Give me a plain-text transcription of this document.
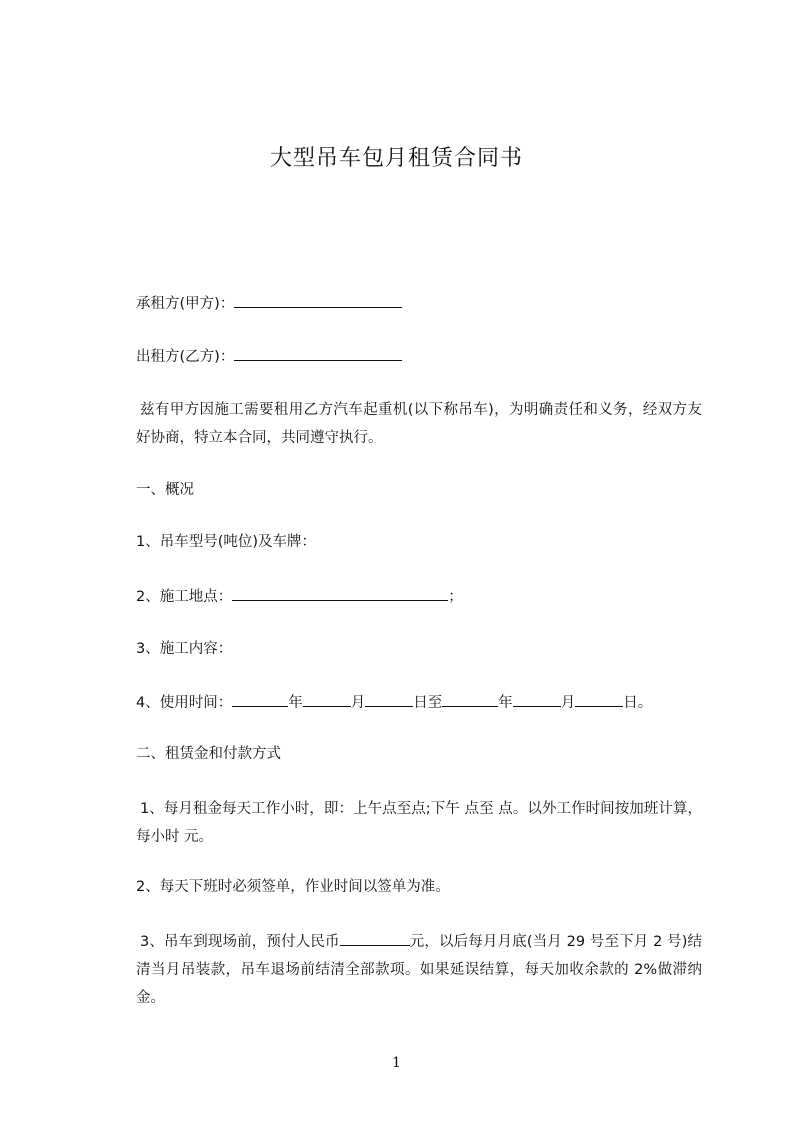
大型吊车包月租赁合同书
承租方(甲方)：
出租方(乙方)：
兹有甲方因施工需要租用乙方汽车起重机(以下称吊车)，为明确责任和义务，经双方友好协商，特立本合同，共同遵守执行。
一、概况
1、吊车型号(吨位)及车牌：
2、施工地点：	；
3、施工内容：
4、使用时间：	年	月	日至	年	月	日。
二、租赁金和付款方式
1、每月租金每天工作小时，即：上午点至点;下午 点至 点。以外工作时间按加班计算，每小时 元。
2、每天下班时必须签单，作业时间以签单为准。
3、吊车到现场前，预付人民币	元，以后每月月底(当月 29 号至下月 2 号)结清当月吊装款，吊车退场前结清全部款项。如果延误结算，每天加收余款的 2%做滞纳金。
1
